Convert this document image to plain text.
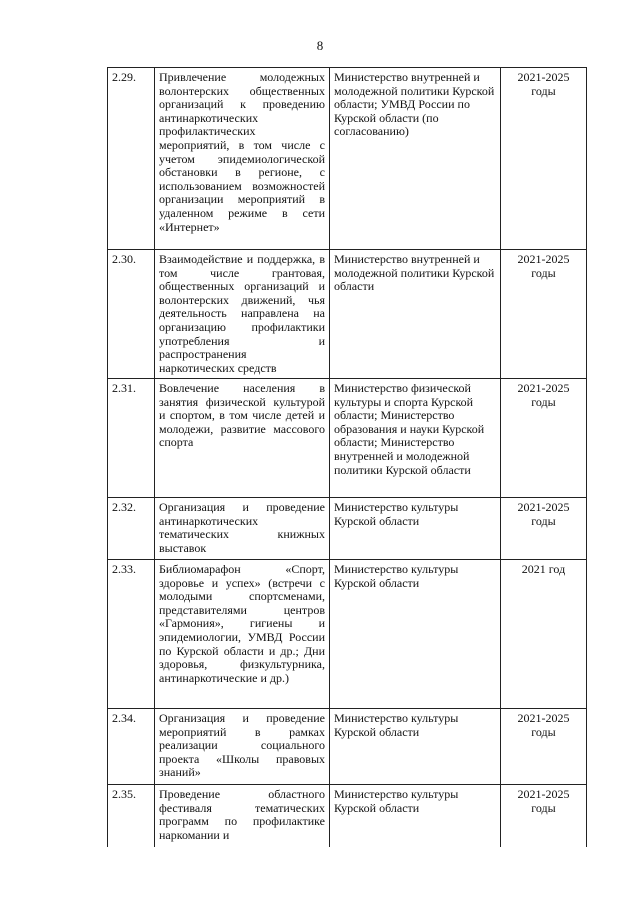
8
2.29.	Привлечение молодежных волонтерских общественных организаций к проведению антинаркотических профилактических мероприятий, в том числе с учетом эпидемиологической обстановки в регионе, с использованием возможностей организации мероприятий в удаленном режиме в сети «Интернет»	Министерство внутренней и молодежной политики Курской области; УМВД России по Курской области (по согласованию)	2021-2025 годы
2.30.	Взаимодействие и поддержка, в том числе грантовая, общественных организаций и волонтерских движений, чья деятельность направлена на организацию профилактики употребления и распространения наркотических средств	Министерство внутренней и молодежной политики Курской области	2021-2025 годы
2.31.	Вовлечение населения в занятия физической культурой и спортом, в том числе детей и молодежи, развитие массового спорта	Министерство физической культуры и спорта Курской области; Министерство образования и науки Курской области; Министерство внутренней и молодежной политики Курской области	2021-2025 годы
2.32.	Организация и проведение антинаркотических тематических книжных выставок	Министерство культуры Курской области	2021-2025 годы
2.33.	Библиомарафон «Спорт, здоровье и успех» (встречи с молодыми спортсменами, представителями центров «Гармония», гигиены и эпидемиологии, УМВД России по Курской области и др.; Дни здоровья, физкультурника, антинаркотические и др.)	Министерство культуры Курской области	2021 год
2.34.	Организация и проведение мероприятий в рамках реализации социального проекта «Школы правовых знаний»	Министерство культуры Курской области	2021-2025 годы
2.35.	Проведение областного фестиваля тематических программ по профилактике наркомании и	Министерство культуры Курской области	2021-2025 годы
